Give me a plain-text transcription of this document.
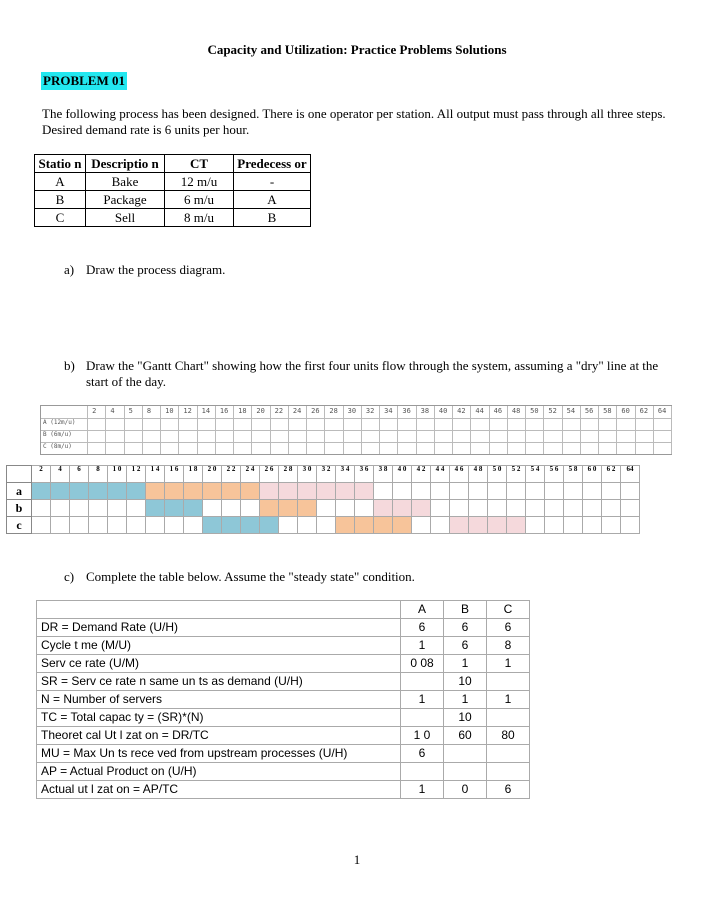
Capacity and Utilization: Practice Problems Solutions
PROBLEM 01
The following process has been designed. There is one operator per station. All output must pass through all three steps. Desired demand rate is 6 units per hour.
Statio n	Descriptio n	CT	Predecess or
A	Bake	12 m/u	-
B	Package	6 m/u	A
C	Sell	8 m/u	B
a) Draw the process diagram.
b) Draw the "Gantt Chart" showing how the first four units flow through the system, assuming a "dry" line at the start of the day.
2 4 5 8 10 12 14 16 18 20 22 24 26 28 30 32 34 36 38 40 42 44 46 48 50 52 54 56 58 60 62 64
A (12m/u)
B (6m/u)
C (8m/u)
	2	4	6	8	1 0	1 2	1 4	1 6	1 8	2 0	2 2	2 4	2 6	2 8	3 0	3 2	3 4	3 6	3 8	4 0	4 2	4 4	4 6	4 8	5 0	5 2	5 4	5 6	5 8	6 0	6 2	64
a																																
b																																
c																																
c) Complete the table below. Assume the "steady state" condition.
	A	B	C
DR = Demand Rate (U/H)	6	6	6
Cycle t me (M/U)	1	6	8
Serv ce rate (U/M)	0 08	1	1
SR = Serv ce rate n same un ts as demand (U/H)		10	
N = Number of servers	1	1	1
TC = Total capac ty = (SR)*(N)		10	
Theoret cal Ut l zat on = DR/TC	1 0	60	80
MU = Max Un ts rece ved from upstream processes (U/H)	6		
AP = Actual Product on (U/H)			
Actual ut l zat on = AP/TC	1	0	6
1
